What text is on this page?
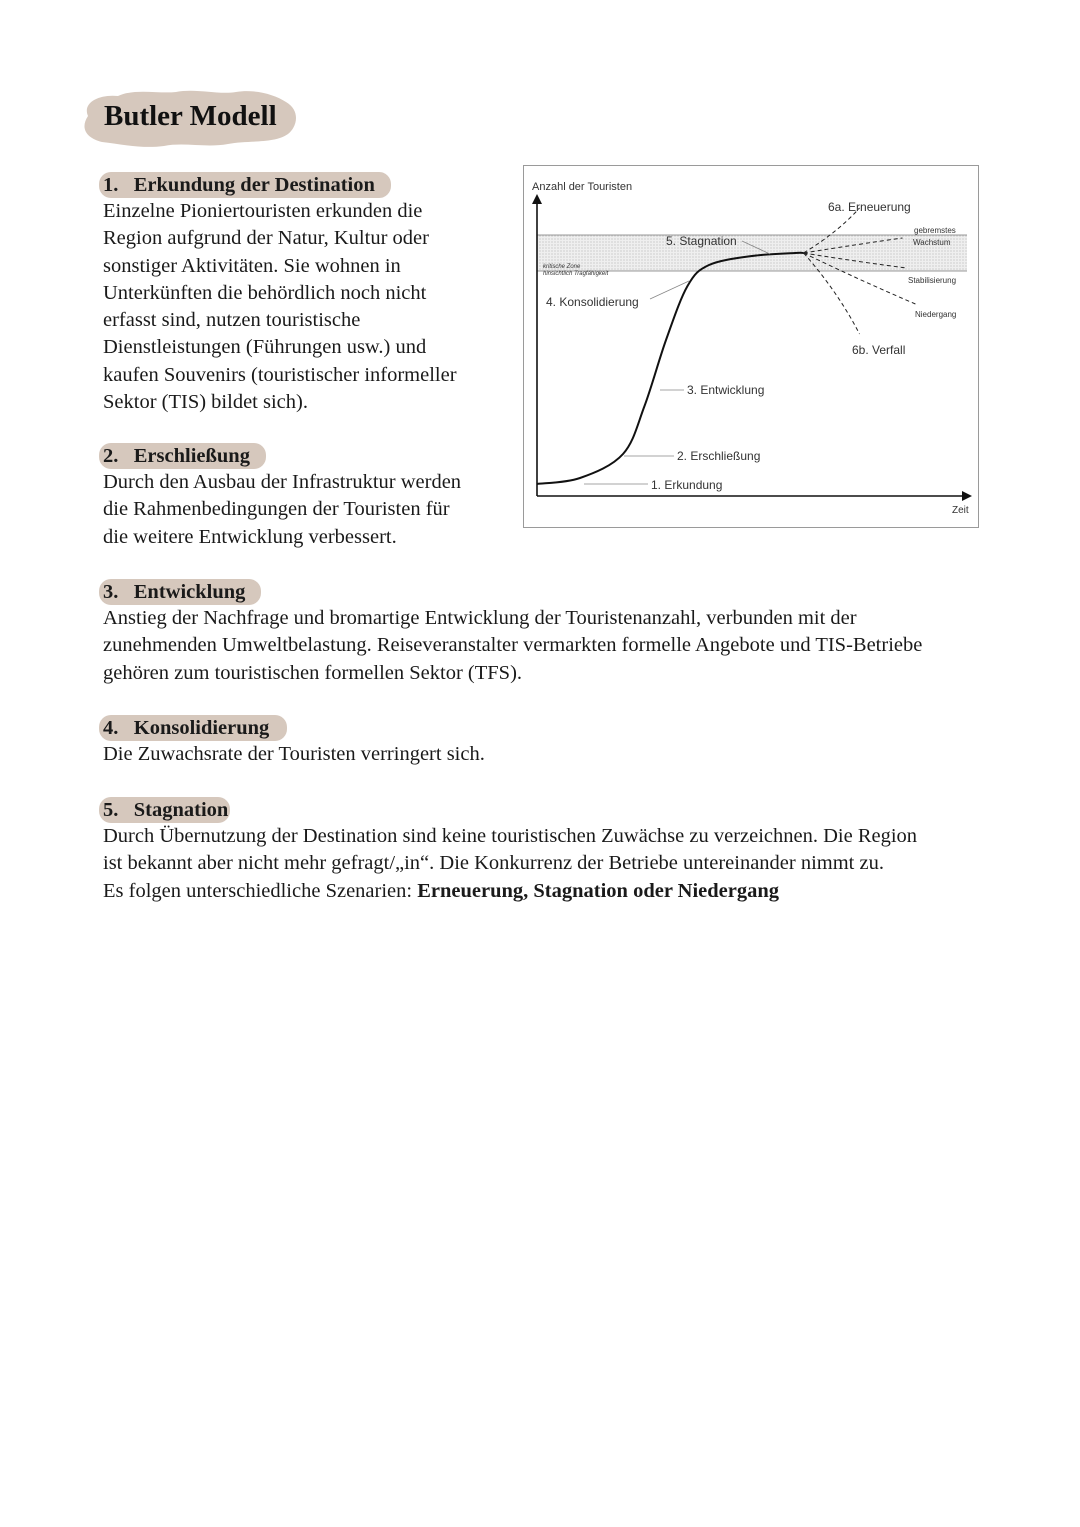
Butler Modell
1.   Erkundung der Destination

Einzelne Pioniertouristen erkunden die

Region aufgrund der Natur, Kultur oder

sonstiger Aktivitäten. Sie wohnen in

Unterkünften die behördlich noch nicht

erfasst sind, nutzen touristische

Dienstleistungen (Führungen usw.) und

kaufen Souvenirs (touristischer informeller

Sektor (TIS) bildet sich).

2.   Erschließung

Durch den Ausbau der Infrastruktur werden

die Rahmenbedingungen der Touristen für

die weitere Entwicklung verbessert.

3.   Entwicklung

Anstieg der Nachfrage und bromartige Entwicklung der Touristenanzahl, verbunden mit der

zunehmenden Umweltbelastung. Reiseveranstalter vermarkten formelle Angebote und TIS-Betriebe

gehören zum touristischen formellen Sektor (TFS).

4.   Konsolidierung

Die Zuwachsrate der Touristen verringert sich.

5.   Stagnation

Durch Übernutzung der Destination sind keine touristischen Zuwächse zu verzeichnen. Die Region

ist bekannt aber nicht mehr gefragt/„in“. Die Konkurrenz der Betriebe untereinander nimmt zu.

Es folgen unterschiedliche Szenarien: Erneuerung, Stagnation oder Niedergang

Anzahl der Touristen
Zeit
kritische Zone
hinsichtlich Tragfähigkeit
1. Erkundung
2. Erschließung
3. Entwicklung
4. Konsolidierung
5. Stagnation
6a. Erneuerung
6b. Verfall
gebremstes
Wachstum
Stabilisierung
Niedergang
